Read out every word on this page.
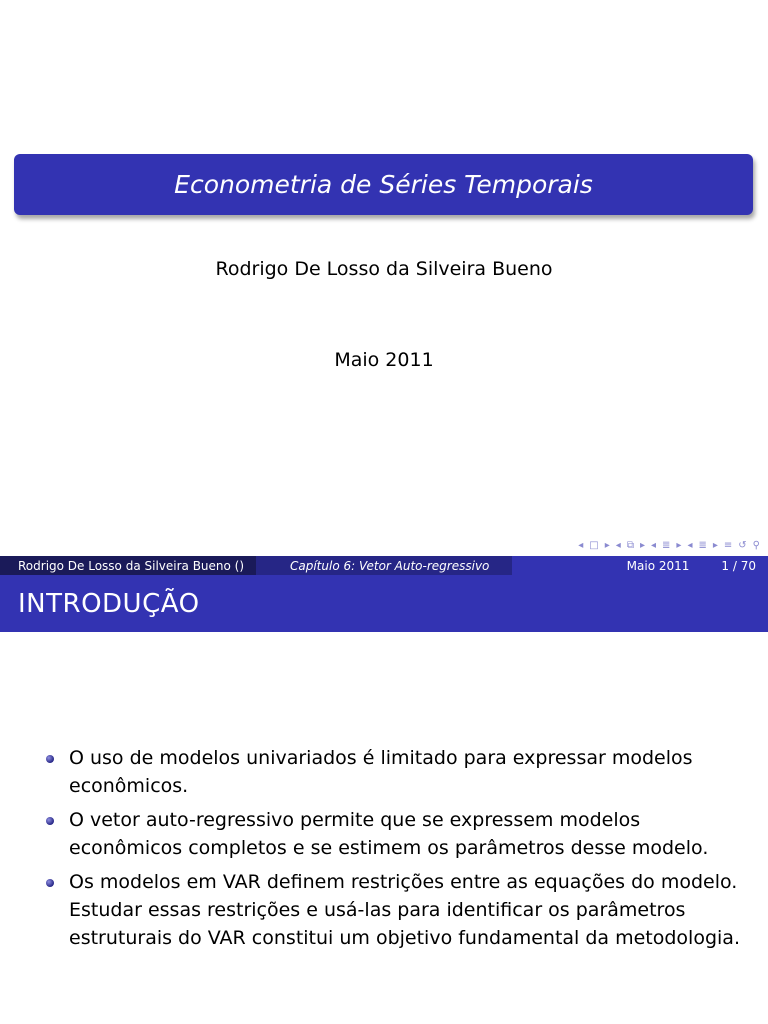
Econometria de Séries Temporais
Rodrigo De Losso da Silveira Bueno
Maio 2011
◂ □ ▸ ◂ ⧉ ▸ ◂ ≣ ▸ ◂ ≣ ▸ ≡ ↺ ⚲
Rodrigo De Losso da Silveira Bueno ()	Capítulo 6: Vetor Auto-regressivo	Maio 2011	1 / 70
INTRODUÇÃO
O uso de modelos univariados é limitado para expressar modelos econômicos.
O vetor auto-regressivo permite que se expressem modelos econômicos completos e se estimem os parâmetros desse modelo.
Os modelos em VAR definem restrições entre as equações do modelo. Estudar essas restrições e usá-las para identificar os parâmetros estruturais do VAR constitui um objetivo fundamental da metodologia.
